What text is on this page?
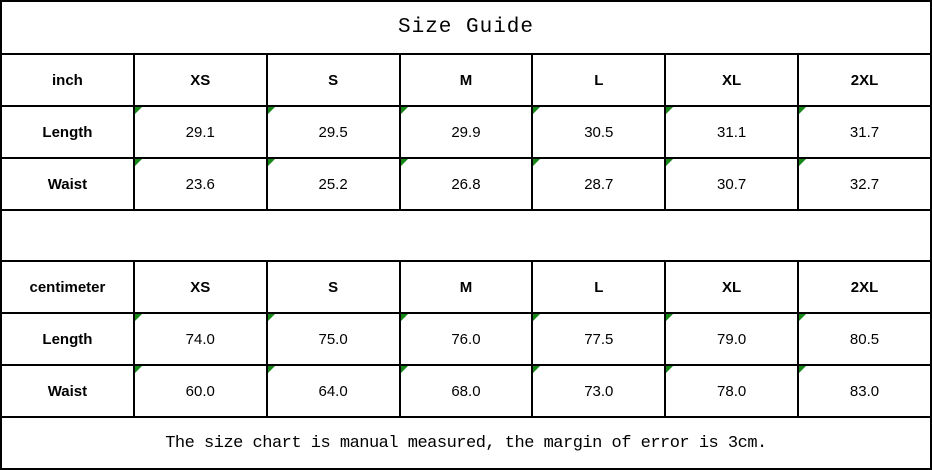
Size Guide						
inch	XS	S	M	L	XL	2XL
Length	29.1	29.5	29.9	30.5	31.1	31.7
Waist	23.6	25.2	26.8	28.7	30.7	32.7

centimeter	XS	S	M	L	XL	2XL
Length	74.0	75.0	76.0	77.5	79.0	80.5
Waist	60.0	64.0	68.0	73.0	78.0	83.0
The size chart is manual measured, the margin of error is 3cm.						
